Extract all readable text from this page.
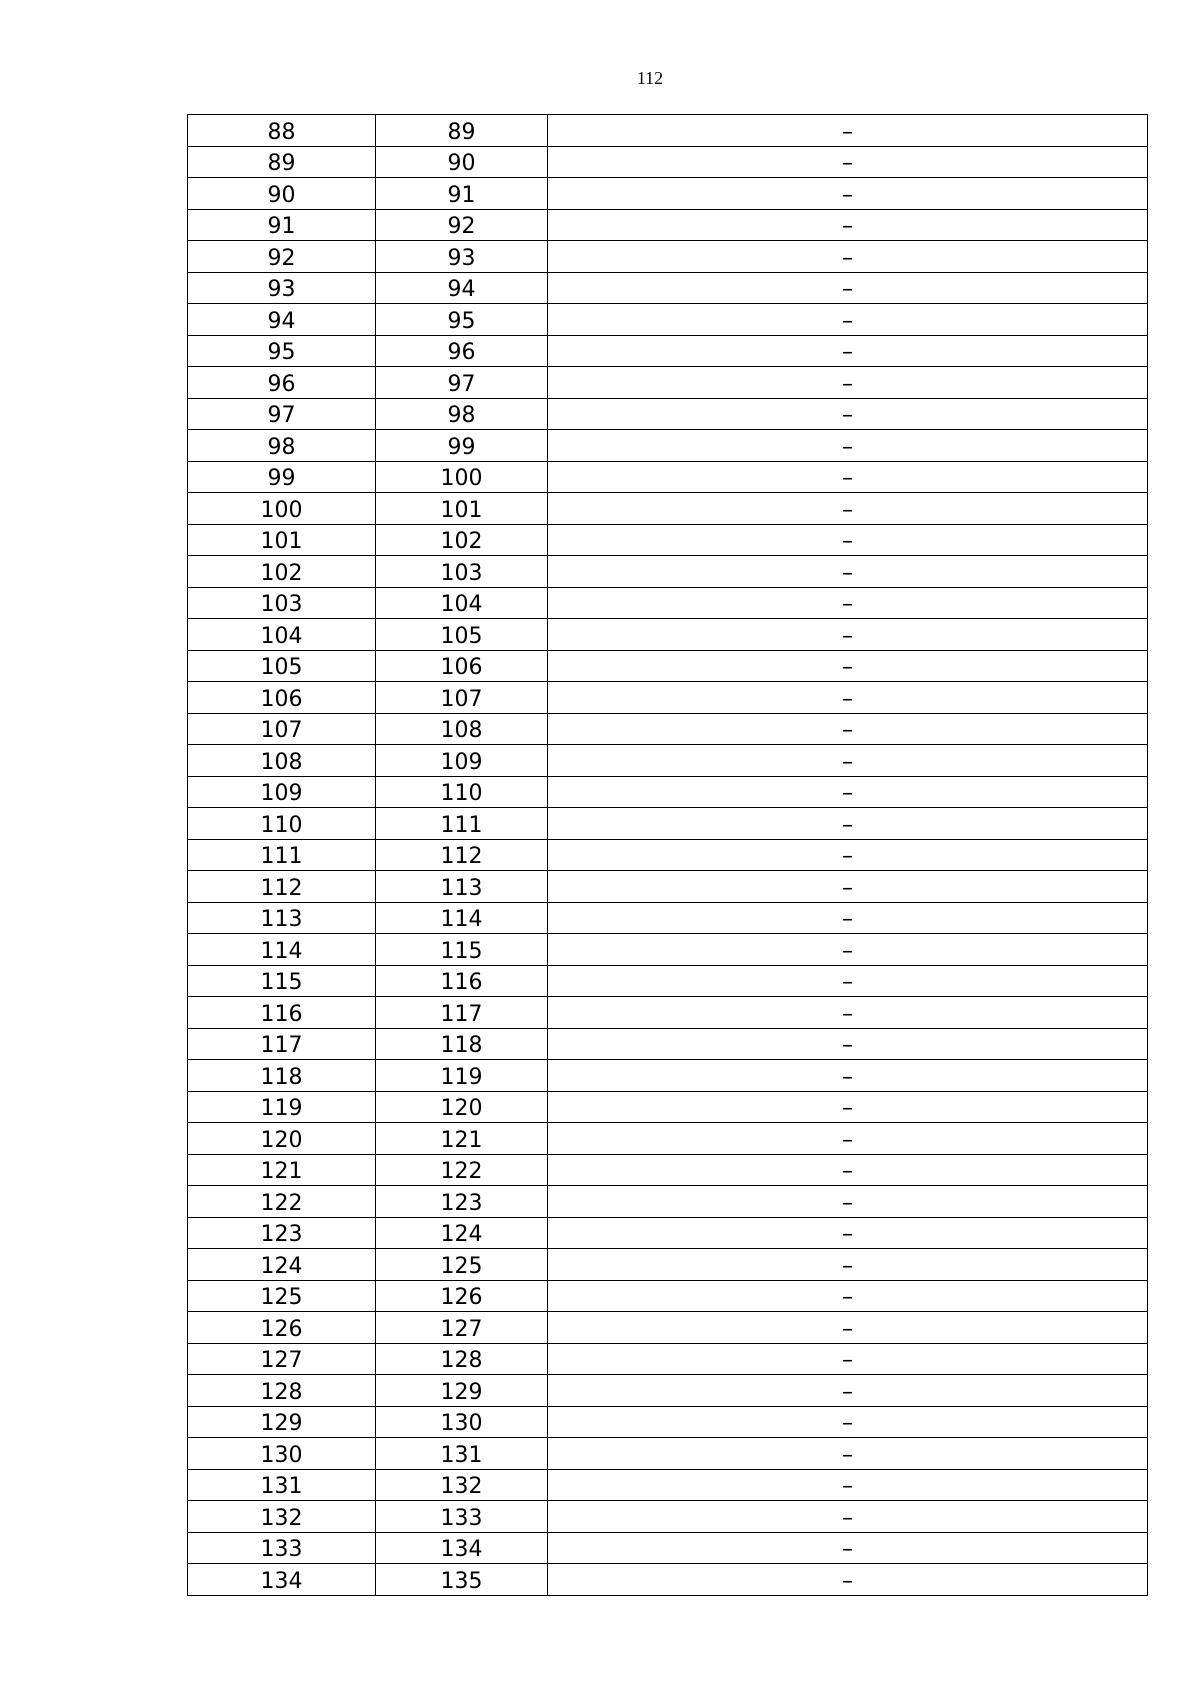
112
88	89	–
89	90	–
90	91	–
91	92	–
92	93	–
93	94	–
94	95	–
95	96	–
96	97	–
97	98	–
98	99	–
99	100	–
100	101	–
101	102	–
102	103	–
103	104	–
104	105	–
105	106	–
106	107	–
107	108	–
108	109	–
109	110	–
110	111	–
111	112	–
112	113	–
113	114	–
114	115	–
115	116	–
116	117	–
117	118	–
118	119	–
119	120	–
120	121	–
121	122	–
122	123	–
123	124	–
124	125	–
125	126	–
126	127	–
127	128	–
128	129	–
129	130	–
130	131	–
131	132	–
132	133	–
133	134	–
134	135	–
